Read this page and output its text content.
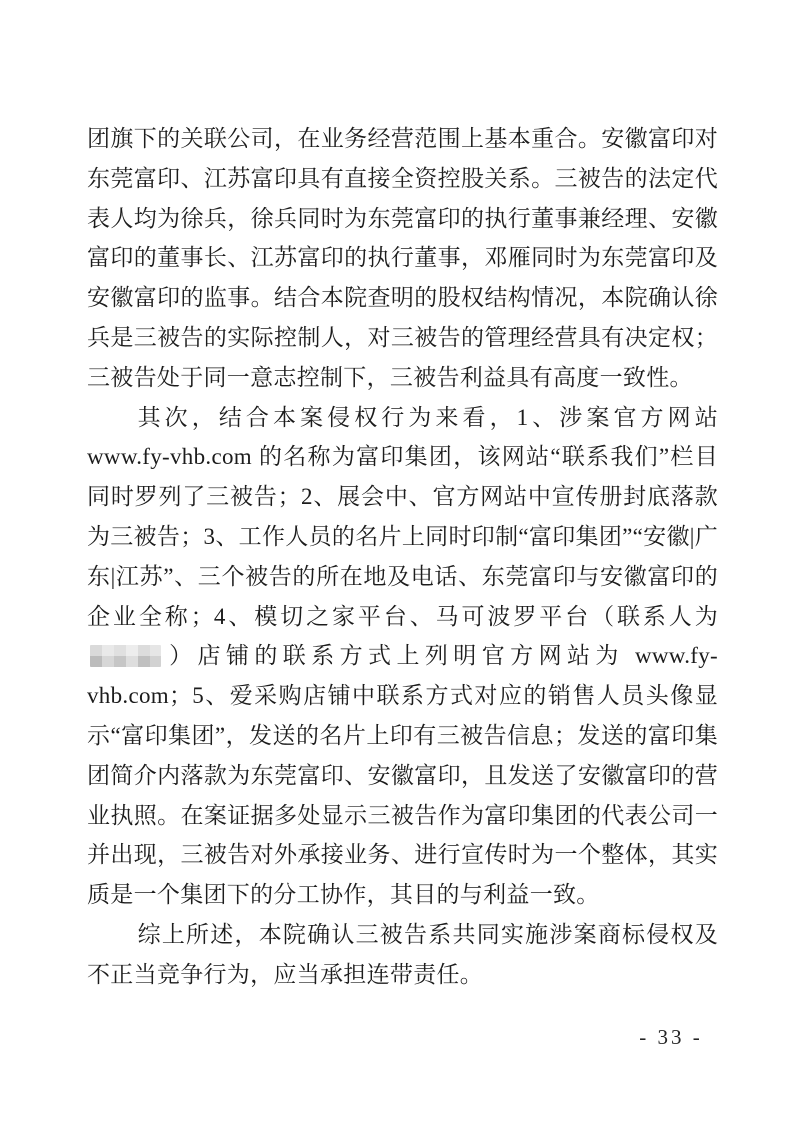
团旗下的关联公司，在业务经营范围上基本重合。安徽富印对东莞富印、江苏富印具有直接全资控股关系。三被告的法定代表人均为徐兵，徐兵同时为东莞富印的执行董事兼经理、安徽富印的董事长、江苏富印的执行董事，邓雁同时为东莞富印及安徽富印的监事。结合本院查明的股权结构情况，本院确认徐兵是三被告的实际控制人，对三被告的管理经营具有决定权；三被告处于同一意志控制下，三被告利益具有高度一致性。

其次，结合本案侵权行为来看，1、涉案官方网站 www.fy-vhb.com 的名称为富印集团，该网站“联系我们”栏目同时罗列了三被告；2、展会中、官方网站中宣传册封底落款为三被告；3、工作人员的名片上同时印制“富印集团”“安徽|广东|江苏”、三个被告的所在地及电话、东莞富印与安徽富印的企业全称；4、模切之家平台、马可波罗平台（联系人为）店铺的联系方式上列明官方网站为 www.fy-vhb.com；5、爱采购店铺中联系方式对应的销售人员头像显示“富印集团”，发送的名片上印有三被告信息；发送的富印集团简介内落款为东莞富印、安徽富印，且发送了安徽富印的营业执照。在案证据多处显示三被告作为富印集团的代表公司一并出现，三被告对外承接业务、进行宣传时为一个整体，其实质是一个集团下的分工协作，其目的与利益一致。

综上所述，本院确认三被告系共同实施涉案商标侵权及不正当竞争行为，应当承担连带责任。

- 33 -
